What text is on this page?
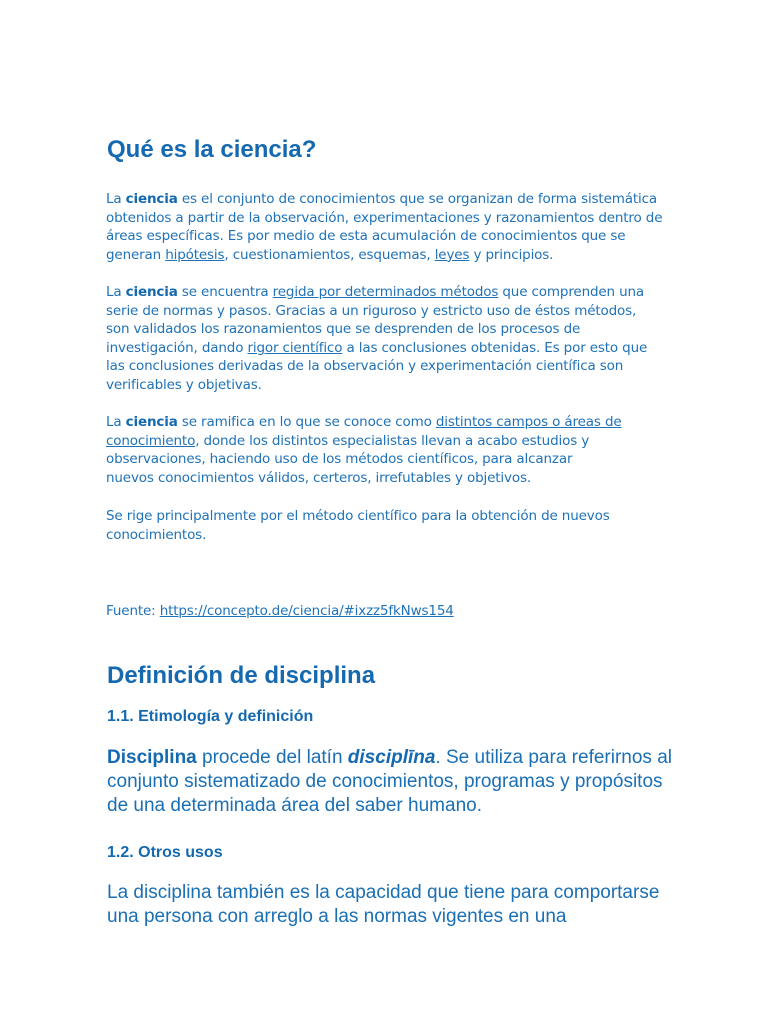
Qué es la ciencia?
La ciencia es el conjunto de conocimientos que se organizan de forma sistemática
obtenidos a partir de la observación, experimentaciones y razonamientos dentro de
áreas específicas. Es por medio de esta acumulación de conocimientos que se
generan hipótesis, cuestionamientos, esquemas, leyes y principios.
La ciencia se encuentra regida por determinados métodos que comprenden una
serie de normas y pasos. Gracias a un riguroso y estricto uso de éstos métodos,
son validados los razonamientos que se desprenden de los procesos de
investigación, dando rigor científico a las conclusiones obtenidas. Es por esto que
las conclusiones derivadas de la observación y experimentación científica son
verificables y objetivas.
La ciencia se ramifica en lo que se conoce como distintos campos o áreas de
conocimiento, donde los distintos especialistas llevan a acabo estudios y
observaciones, haciendo uso de los métodos científicos, para alcanzar
nuevos conocimientos válidos, certeros, irrefutables y objetivos.
Se rige principalmente por el método científico para la obtención de nuevos
conocimientos.
Fuente: https://concepto.de/ciencia/#ixzz5fkNws154
Definición de disciplina
1.1. Etimología y definición
Disciplina procede del latín disciplīna. Se utiliza para referirnos al
conjunto sistematizado de conocimientos, programas y propósitos
de una determinada área del saber humano.
1.2. Otros usos
La disciplina también es la capacidad que tiene para comportarse
una persona con arreglo a las normas vigentes en una
